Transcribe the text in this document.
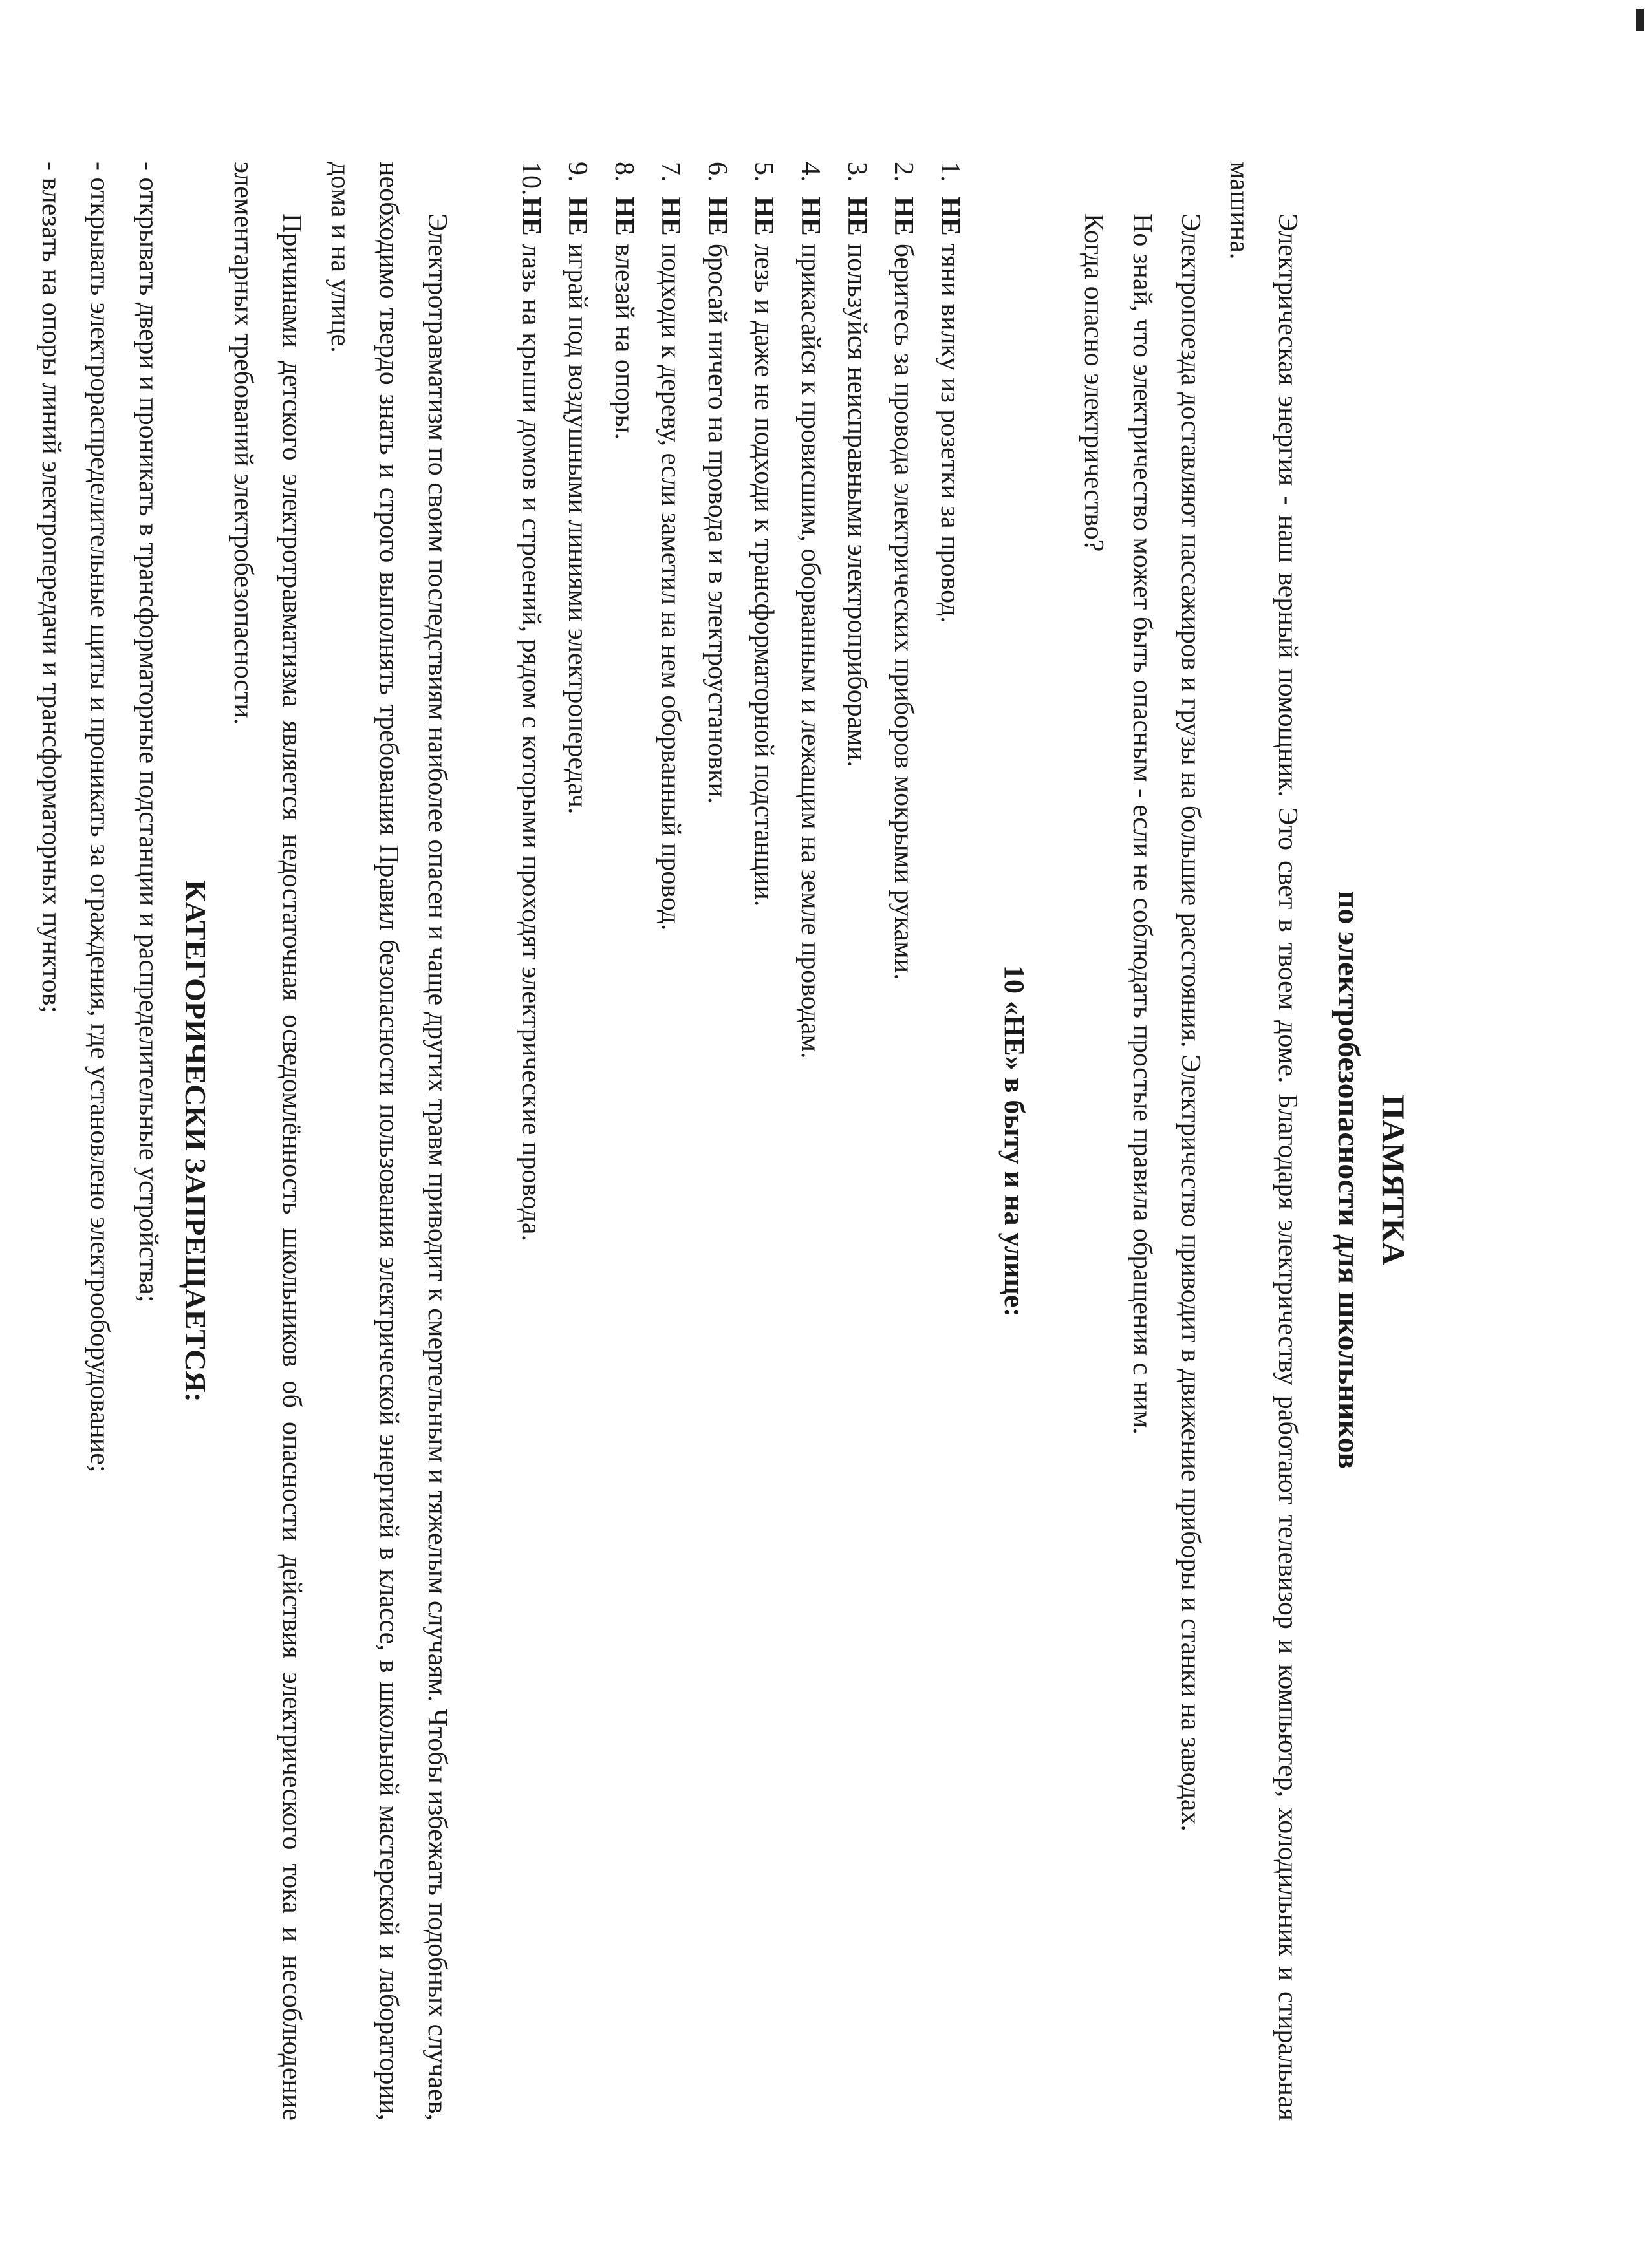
ПАМЯТКА
по электробезопасности для школьников

Электрическая энергия - наш верный помощник. Это свет в твоем доме. Благодаря электричеству работают телевизор и компьютер, холодильник и стиральная машина.

Электропоезда доставляют пассажиров и грузы на большие расстояния. Электричество приводит в движение приборы и станки на заводах.

Но знай, что электричество может быть опасным - если не соблюдать простые правила обращения с ним.

Когда опасно электричество?

10 «НЕ» в быту и на улице:
1.
НЕ
тяни вилку из розетки за провод.
2.
НЕ
беритесь за провода электрических приборов мокрыми руками.
3.
НЕ
пользуйся неисправными электроприборами.
4.
НЕ
прикасайся к провисшим, оборванным и лежащим на земле проводам.
5.
НЕ
лезь и даже не подходи к трансформаторной подстанции.
6.
НЕ
бросай ничего на провода и в электроустановки.
7.
НЕ
подходи к дереву, если заметил на нем оборванный провод.
8.
НЕ
влезай на опоры.
9.
НЕ
играй под воздушными линиями электропередач.
10.
НЕ
лазь на крыши домов и строений, рядом с которыми проходят электрические провода.

Электротравматизм по своим последствиям наиболее опасен и чаще других травм приводит к смертельным и тяжелым случаям. Чтобы избежать подобных случаев, необходимо твердо знать и строго выполнять требования Правил безопасности пользования электрической энергией в классе, в школьной мастерской и лаборатории, дома и на улице.

Причинами детского электротравматизма является недостаточная осведомлённость школьников об опасности действия электрического тока и несоблюдение элементарных требований электробезопасности.

КАТЕГОРИЧЕСКИ ЗАПРЕЩАЕТСЯ:
- открывать двери и проникать в трансформаторные подстанции и распределительные устройства;
- открывать электрораспределительные щиты и проникать за ограждения, где установлено электрооборудование;
- влезать на опоры линий электропередачи и трансформаторных пунктов;
